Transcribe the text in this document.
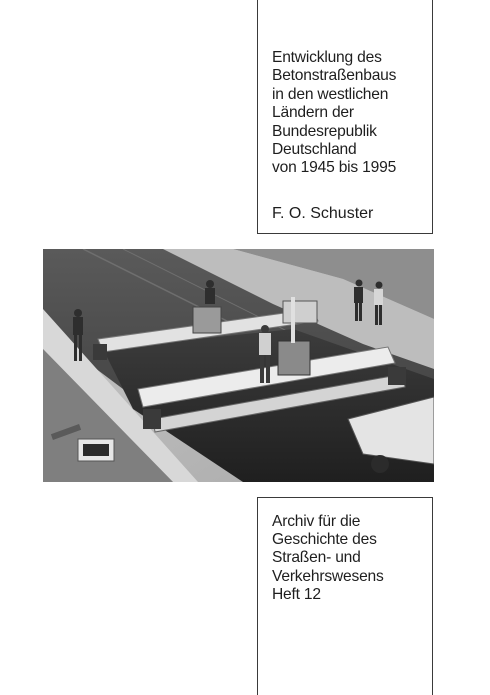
Entwicklung des
Betonstraßenbaus
in den westlichen
Ländern der
Bundesrepublik
Deutschland
von 1945 bis 1995
F. O. Schuster
Archiv für die
Geschichte des
Straßen- und
Verkehrswesens
Heft 12
